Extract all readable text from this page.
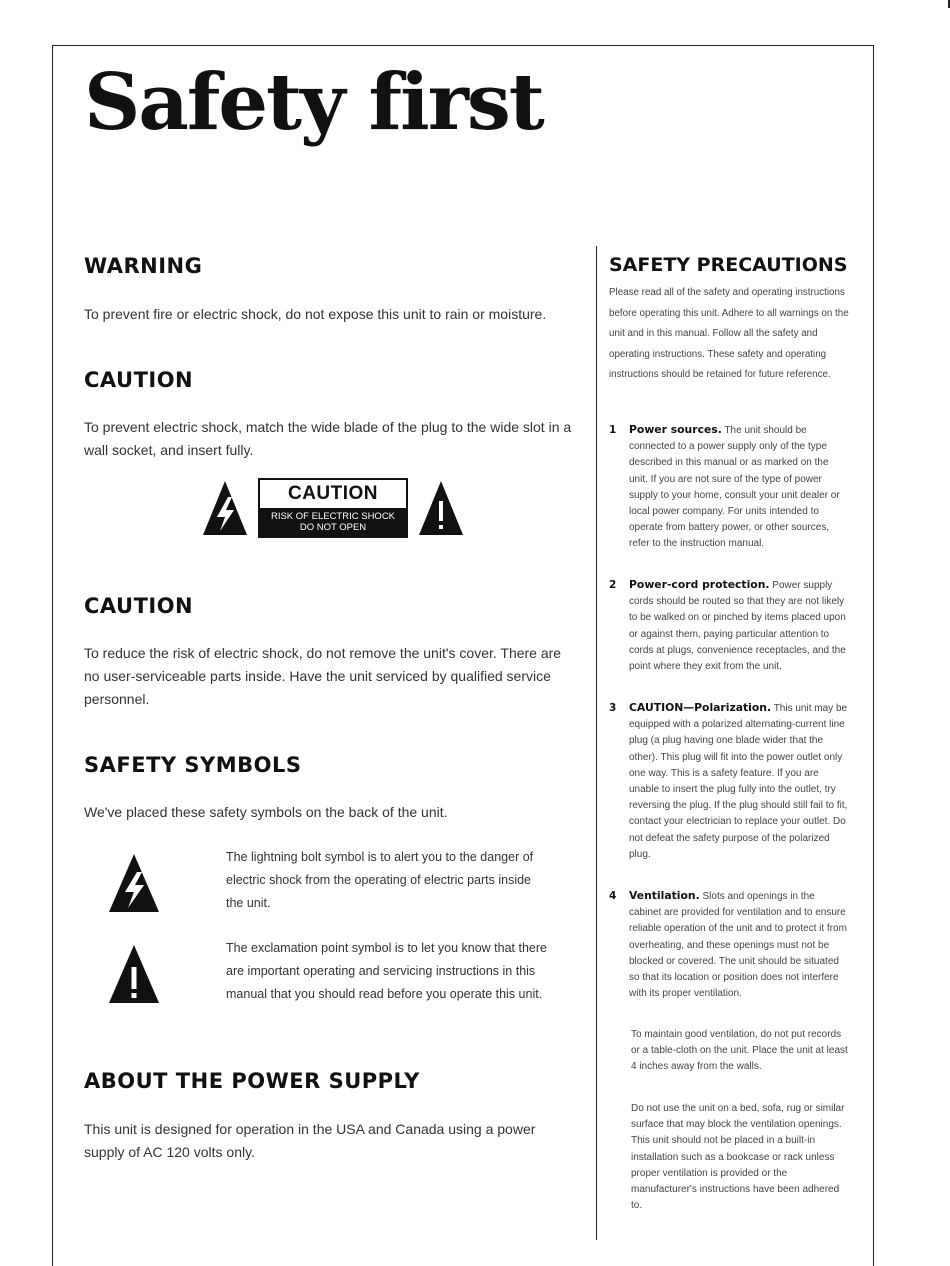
Safety first
WARNING

To prevent fire or electric shock, do not expose this unit to rain or moisture.

CAUTION

To prevent electric shock, match the wide blade of the plug to the wide slot in a wall socket, and insert fully.

CAUTION
RISK OF ELECTRIC SHOCK
DO NOT OPEN
CAUTION

To reduce the risk of electric shock, do not remove the unit's cover. There are no user-serviceable parts inside. Have the unit serviced by qualified service personnel.

SAFETY SYMBOLS

We've placed these safety symbols on the back of the unit.

The lightning bolt symbol is to alert you to the danger of electric shock from the operating of electric parts inside the unit.

The exclamation point symbol is to let you know that there are important operating and servicing instructions in this manual that you should read before you operate this unit.

ABOUT THE POWER SUPPLY

This unit is designed for operation in the USA and Canada using a power supply of AC 120 volts only.

SAFETY PRECAUTIONS

Please read all of the safety and operating instructions before operating this unit. Adhere to all warnings on the unit and in this manual. Follow all the safety and operating instructions. These safety and operating instructions should be retained for future reference.

1	Power sources. The unit should be connected to a power supply only of the type described in this manual or as marked on the unit. If you are not sure of the type of power supply to your home, consult your unit dealer or local power company. For units intended to operate from battery power, or other sources, refer to the instruction manual.

2	Power-cord protection. Power supply cords should be routed so that they are not likely to be walked on or pinched by items placed upon or against them, paying particular attention to cords at plugs, convenience receptacles, and the point where they exit from the unit.

3	CAUTION—Polarization. This unit may be equipped with a polarized alternating-current line plug (a plug having one blade wider that the other). This plug will fit into the power outlet only one way. This is a safety feature. If you are unable to insert the plug fully into the outlet, try reversing the plug. If the plug should still fail to fit, contact your electrician to replace your outlet. Do not defeat the safety purpose of the polarized plug.

4	Ventilation. Slots and openings in the cabinet are provided for ventilation and to ensure reliable operation of the unit and to protect it from overheating, and these openings must not be blocked or covered. The unit should be situated so that its location or position does not interfere with its proper ventilation.

To maintain good ventilation, do not put records or a table-cloth on the unit. Place the unit at least 4 inches away from the walls.

Do not use the unit on a bed, sofa, rug or similar surface that may block the ventilation openings. This unit should not be placed in a built-in installation such as a bookcase or rack unless proper ventilation is provided or the manufacturer's instructions have been adhered to.
